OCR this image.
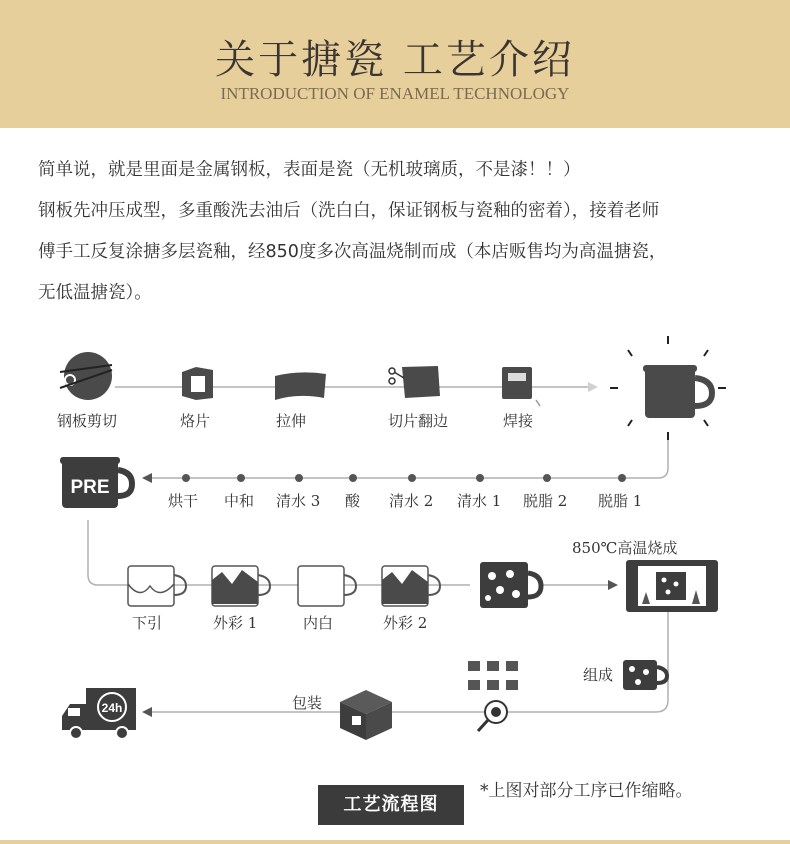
关于搪瓷 工艺介绍
INTRODUCTION OF ENAMEL TECHNOLOGY
简单说，就是里面是金属钢板，表面是瓷（无机玻璃质，不是漆！！）
钢板先冲压成型，多重酸洗去油后（洗白白，保证钢板与瓷釉的密着），接着老师
傅手工反复涂搪多层瓷釉，经850度多次高温烧制而成（本店贩售均为高温搪瓷，
无低温搪瓷）。
PRE
24h
钢板剪切	烙片	拉伸	切片翻边	焊接
烘干 中和 清水 3 酸 清水 2 清水 1 脱脂 2 脱脂 1
下引	外彩 1	内白	外彩 2
850℃高温烧成
组成
包装
*上图对部分工序已作缩略。
工艺流程图
